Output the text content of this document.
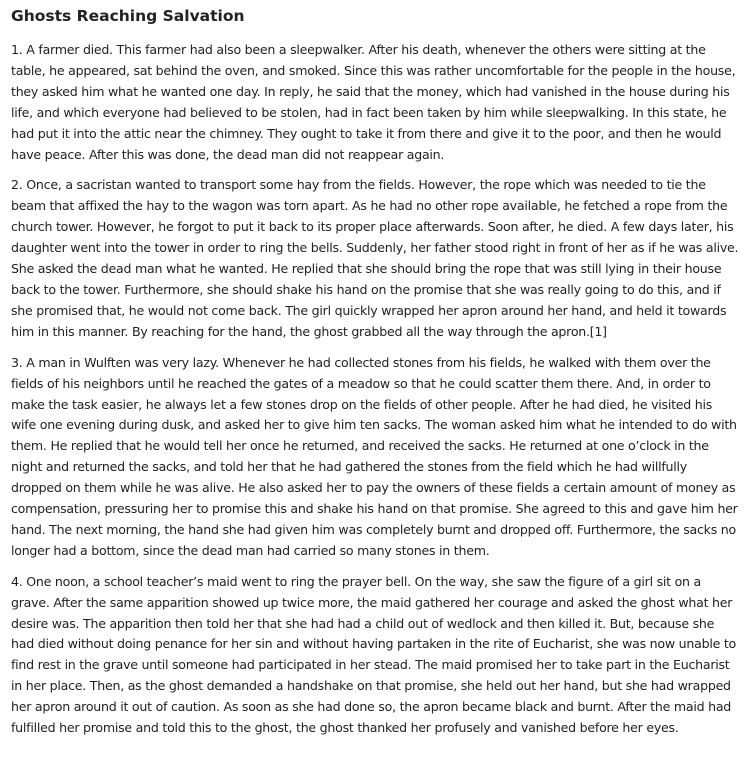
Ghosts Reaching Salvation

1. A farmer died. This farmer had also been a sleepwalker. After his death, whenever the others were sitting at the table, he appeared, sat behind the oven, and smoked. Since this was rather uncomfortable for the people in the house, they asked him what he wanted one day. In reply, he said that the money, which had vanished in the house during his life, and which everyone had believed to be stolen, had in fact been taken by him while sleepwalking. In this state, he had put it into the attic near the chimney. They ought to take it from there and give it to the poor, and then he would have peace. After this was done, the dead man did not reappear again.

2. Once, a sacristan wanted to transport some hay from the fields. However, the rope which was needed to tie the beam that affixed the hay to the wagon was torn apart. As he had no other rope available, he fetched a rope from the church tower. However, he forgot to put it back to its proper place afterwards. Soon after, he died. A few days later, his daughter went into the tower in order to ring the bells. Suddenly, her father stood right in front of her as if he was alive. She asked the dead man what he wanted. He replied that she should bring the rope that was still lying in their house back to the tower. Furthermore, she should shake his hand on the promise that she was really going to do this, and if she promised that, he would not come back. The girl quickly wrapped her apron around her hand, and held it towards him in this manner. By reaching for the hand, the ghost grabbed all the way through the apron.[1]

3. A man in Wulften was very lazy. Whenever he had collected stones from his fields, he walked with them over the fields of his neighbors until he reached the gates of a meadow so that he could scatter them there. And, in order to make the task easier, he always let a few stones drop on the fields of other people. After he had died, he visited his wife one evening during dusk, and asked her to give him ten sacks. The woman asked him what he intended to do with them. He replied that he would tell her once he returned, and received the sacks. He returned at one o’clock in the night and returned the sacks, and told her that he had gathered the stones from the field which he had willfully dropped on them while he was alive. He also asked her to pay the owners of these fields a certain amount of money as compensation, pressuring her to promise this and shake his hand on that promise. She agreed to this and gave him her hand. The next morning, the hand she had given him was completely burnt and dropped off. Furthermore, the sacks no longer had a bottom, since the dead man had carried so many stones in them.

4. One noon, a school teacher’s maid went to ring the prayer bell. On the way, she saw the figure of a girl sit on a grave. After the same apparition showed up twice more, the maid gathered her courage and asked the ghost what her desire was. The apparition then told her that she had had a child out of wedlock and then killed it. But, because she had died without doing penance for her sin and without having partaken in the rite of Eucharist, she was now unable to find rest in the grave until someone had participated in her stead. The maid promised her to take part in the Eucharist in her place. Then, as the ghost demanded a handshake on that promise, she held out her hand, but she had wrapped her apron around it out of caution. As soon as she had done so, the apron became black and burnt. After the maid had fulfilled her promise and told this to the ghost, the ghost thanked her profusely and vanished before her eyes.
